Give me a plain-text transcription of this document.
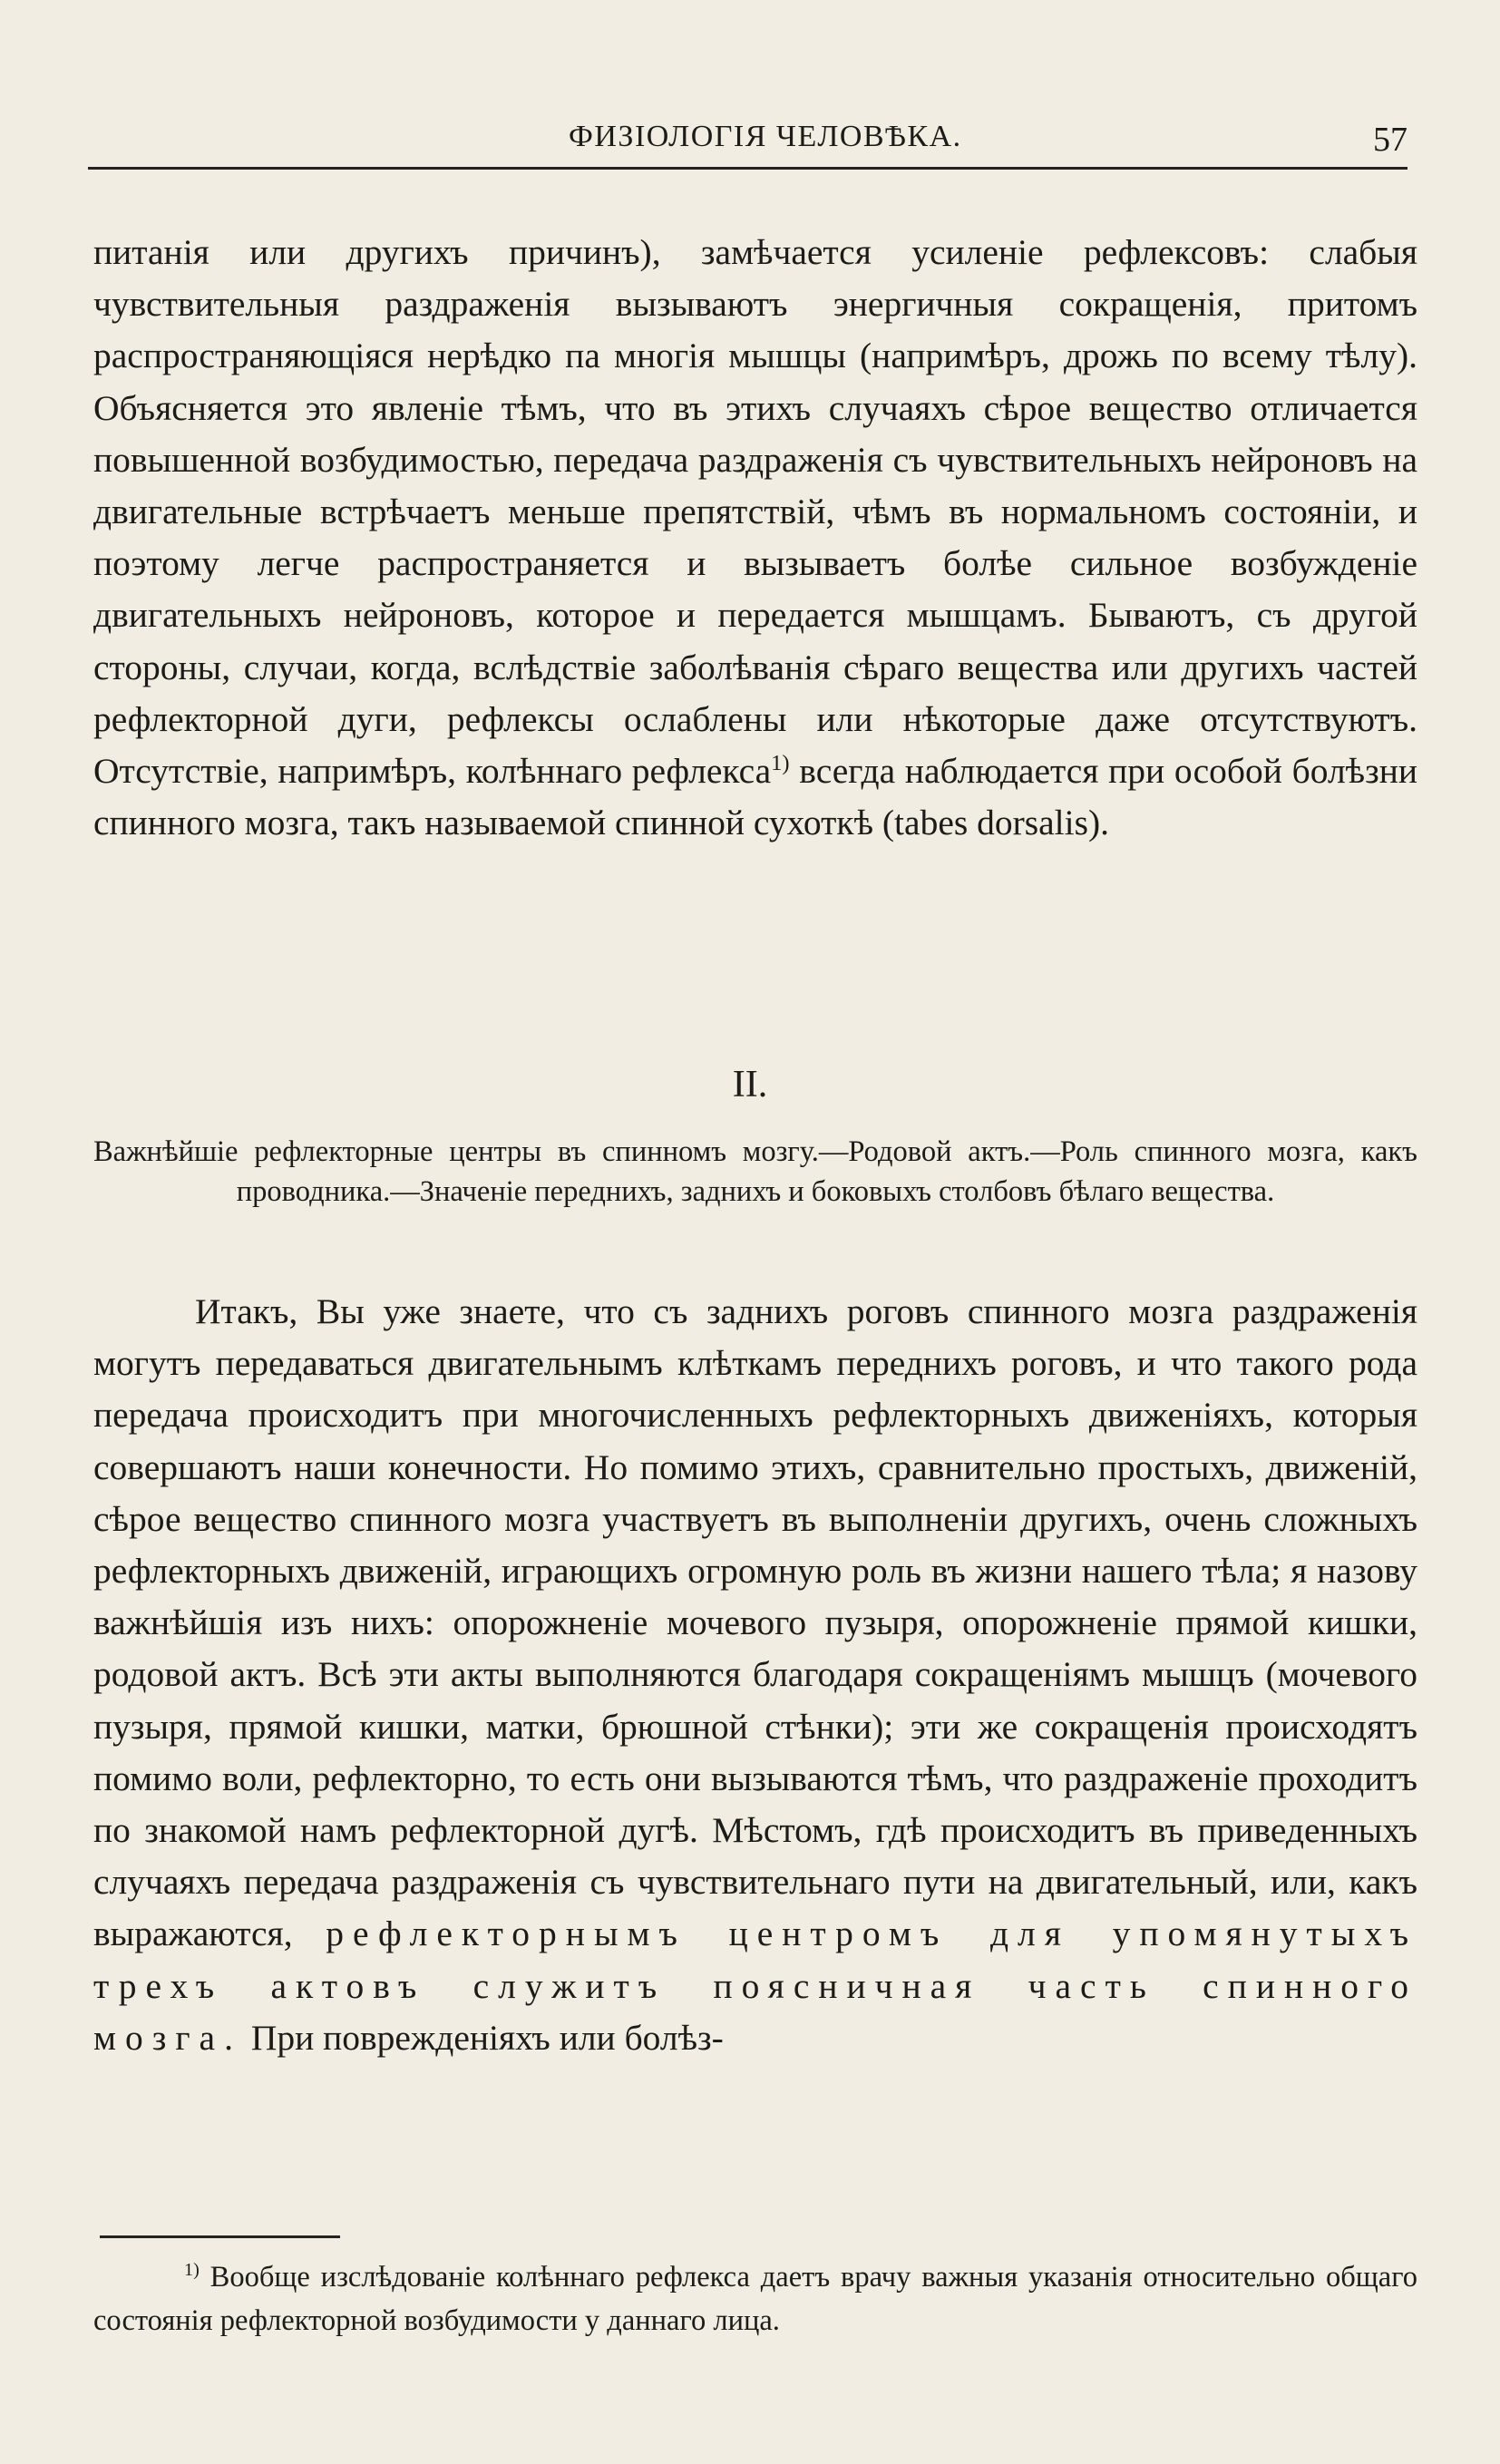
ФИЗІОЛОГІЯ ЧЕЛОВѢКА.	57

питанія или другихъ причинъ), замѣчается усиленіе рефлексовъ: слабыя чувствительныя раздраженія вызываютъ энергичныя сокращенія, притомъ распространяющіяся нерѣдко па многія мышцы (напримѣръ, дрожь по всему тѣлу). Объясняется это явленіе тѣмъ, что въ этихъ случаяхъ сѣрое вещество отличается повышенной возбудимостью, передача раздраженія съ чувствительныхъ нейроновъ на двигательные встрѣчаетъ меньше препятствій, чѣмъ въ нормальномъ состояніи, и поэтому легче распространяется и вызываетъ болѣе сильное возбужденіе двигательныхъ нейроновъ, которое и передается мышцамъ. Бываютъ, съ другой стороны, случаи, когда, вслѣдствіе заболѣванія сѣраго вещества или другихъ частей рефлекторной дуги, рефлексы ослаблены или нѣкоторые даже отсутствуютъ. Отсутствіе, напримѣръ, колѣннаго рефлекса$^{1)}$ всегда наблюдается при особой болѣзни спинного мозга, такъ называемой спинной сухоткѣ (tabes dorsalis).

II.

Важнѣйшіе рефлекторные центры въ спинномъ мозгу.—Родовой актъ.—Роль спинного мозга, какъ проводника.—Значеніе переднихъ, заднихъ и боковыхъ столбовъ бѣлаго вещества.

Итакъ, Вы уже знаете, что съ заднихъ роговъ спинного мозга раздраженія могутъ передаваться двигательнымъ клѣткамъ переднихъ роговъ, и что такого рода передача происходитъ при многочисленныхъ рефлекторныхъ движеніяхъ, которыя совершаютъ наши конечности. Но помимо этихъ, сравнительно простыхъ, движеній, сѣрое вещество спинного мозга участвуетъ въ выполненіи другихъ, очень сложныхъ рефлекторныхъ движеній, играющихъ огромную роль въ жизни нашего тѣла; я назову важнѣйшія изъ нихъ: опорожненіе мочевого пузыря, опорожненіе прямой кишки, родовой актъ. Всѣ эти акты выполняются благодаря сокращеніямъ мышцъ (мочевого пузыря, прямой кишки, матки, брюшной стѣнки); эти же сокращенія происходятъ помимо воли, рефлекторно, то есть они вызываются тѣмъ, что раздраженіе проходитъ по знакомой намъ рефлекторной дугѣ. Мѣстомъ, гдѣ происходитъ въ приведенныхъ случаяхъ передача раздраженія съ чувствительнаго пути на двигательный, или, какъ выражаются, рефлекторнымъ центромъ для упомянутыхъ трехъ актовъ служитъ поясничная часть спинного мозга. При поврежденіяхъ или болѣз-

$^{1)}$ Вообще изслѣдованіе колѣннаго рефлекса даетъ врачу важныя указанія относительно общаго состоянія рефлекторной возбудимости у даннаго лица.
